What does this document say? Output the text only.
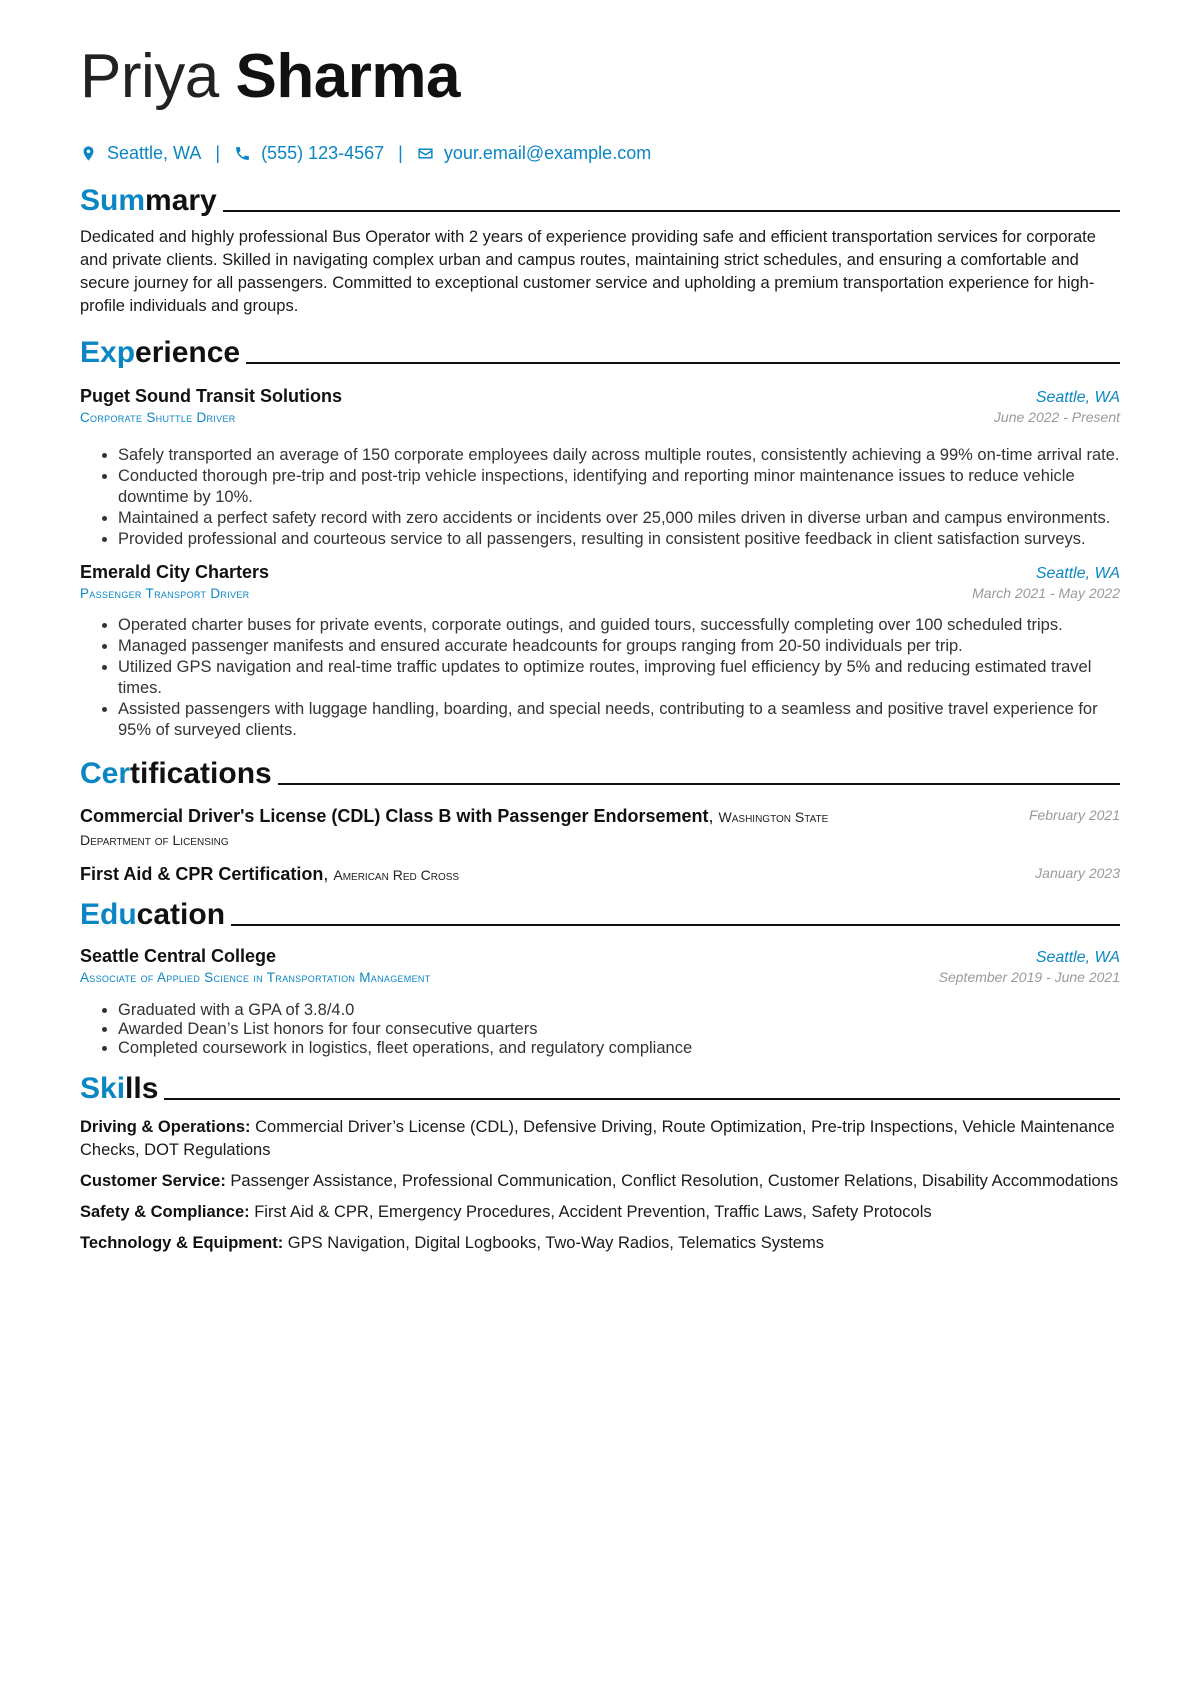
Priya Sharma
Seattle, WA | (555) 123-4567 | your.email@example.com
Summary

Dedicated and highly professional Bus Operator with 2 years of experience providing safe and efficient transportation services for corporate and private clients. Skilled in navigating complex urban and campus routes, maintaining strict schedules, and ensuring a comfortable and secure journey for all passengers. Committed to exceptional customer service and upholding a premium transportation experience for high-profile individuals and groups.

Experience
Puget Sound Transit Solutions	Seattle, WA
Corporate Shuttle Driver	June 2022 - Present
• Safely transported an average of 150 corporate employees daily across multiple routes, consistently achieving a 99% on-time arrival rate.
• Conducted thorough pre-trip and post-trip vehicle inspections, identifying and reporting minor maintenance issues to reduce vehicle downtime by 10%.
• Maintained a perfect safety record with zero accidents or incidents over 25,000 miles driven in diverse urban and campus environments.
• Provided professional and courteous service to all passengers, resulting in consistent positive feedback in client satisfaction surveys.
Emerald City Charters	Seattle, WA
Passenger Transport Driver	March 2021 - May 2022
• Operated charter buses for private events, corporate outings, and guided tours, successfully completing over 100 scheduled trips.
• Managed passenger manifests and ensured accurate headcounts for groups ranging from 20-50 individuals per trip.
• Utilized GPS navigation and real-time traffic updates to optimize routes, improving fuel efficiency by 5% and reducing estimated travel times.
• Assisted passengers with luggage handling, boarding, and special needs, contributing to a seamless and positive travel experience for 95% of surveyed clients.
Certifications
Commercial Driver's License (CDL) Class B with Passenger Endorsement, Washington State Department of Licensing
February 2021
First Aid & CPR Certification, American Red Cross	January 2023
Education
Seattle Central College	Seattle, WA
Associate of Applied Science in Transportation Management	September 2019 - June 2021
• Graduated with a GPA of 3.8/4.0
• Awarded Dean’s List honors for four consecutive quarters
• Completed coursework in logistics, fleet operations, and regulatory compliance
Skills
Driving & Operations: Commercial Driver’s License (CDL), Defensive Driving, Route Optimization, Pre-trip Inspections, Vehicle Maintenance Checks, DOT Regulations
Customer Service: Passenger Assistance, Professional Communication, Conflict Resolution, Customer Relations, Disability Accommodations
Safety & Compliance: First Aid & CPR, Emergency Procedures, Accident Prevention, Traffic Laws, Safety Protocols
Technology & Equipment: GPS Navigation, Digital Logbooks, Two-Way Radios, Telematics Systems
